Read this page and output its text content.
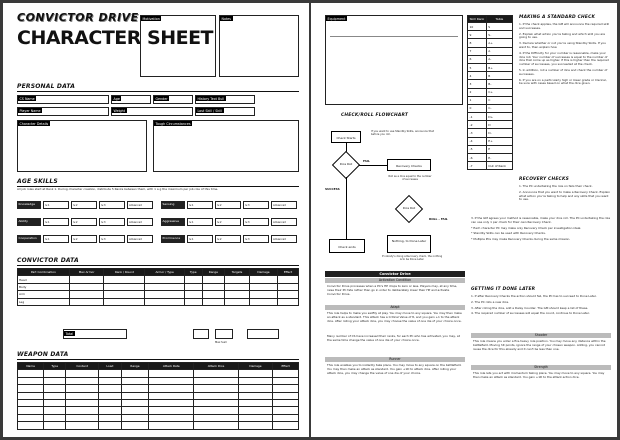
CONVICTOR DRIVE
CHARACTER SHEET
Motivation	Notes
PERSONAL DATA
CS Name	Age	Gender	History Text Bull
Player Name	Weight	Lost Skill / Skill
Character Details	Tough Circumstances
AGE SKILLS
All job roles start at Rank 1. During character creation, distribute 5 Ranks between them, with 1 a g the maximum per job role of this time.
Knowledge	lv.1	lv.2	lv.3	Advanced	Sensing	lv.1	lv.2	lv.3	Advanced
Ability	lv.1	lv.2	lv.3	Advanced	Aggressive	lv.1	lv.2	lv.3	Advanced
Cooperation	lv.1	lv.2	lv.3	Advanced	Prominence	lv.1	lv.2	lv.3	Advanced
CONVICTOR DATA
Part Combination	Max Armor	Rank / Round	Armor / Type	Type	Range	Targets	Damage	Effect
Head								
Body								
Arm								
Leg								
Total
Max Sum
WEAPON DATA
Name	Type	Content	Load	Range	Attack Rate	Attack Dice	Damage	Effect

Equipment
CHECK/ROLL FLOWCHART
Check Starts
If you want to use Standby Skills, announce that before you roll.
Dice Roll
FAIL
Recovery Checks
Roll as a dice equal to the number of successes
SUCCESS
Dice Roll
ROLL – FAIL
Check ends
Nothing, to Done Later
If nobody's doing a Recovery check, the nothing is to be Done Later.
Convictor Drive
Activation Condition
Convictor Drive processes when a PC's HP drops to zero or less. Players may, at any time, raise their PC fate rather than go in order to deliberately lower their HP and activate Convictor Drive.
Adapt
This role helps to make you swiftly at play. You may move to any square. You may then make an attack as a standard. This attack has a Critical Value of 8, and you gain +1 to the attack dice. After rolling your attack dice, you may choose the value of one die of your choice once.
Many number of CS have increased their ranks, for each PC who has activated, you may, at the same time change the value of one die of your choice once.
Runner
This role enables you to instantly take place. You may move to any square on the battlefield. You may then make an attack as standard. You gain +1D to attack dice. After rolling your attack dice, you may change the value of one die of your choice.
Skill Rank	Table
10	S
9	S-
8	A+
7	A
6	A-
5	B+
4	B
3	B-
2	C+
1	C
0	C-
-1	D+
-2	D
-3	D-
-4	E+
-5	E
-6	E-
-7	Out of Rank
MAKING A STANDARD CHECK
1. If the check applies, the GM will announce the required skill and successes.
2. Explain what action you're taking and which skill you are going to use.
3. Declare whether or not you're using Standby Skills. If you want to, then explain how.
4. If the Difficulty for your number is reasonable, make your dice roll. Your number of successes is equal to the number of dice that come up as higher. If this is higher than the required number of successes, you succeeded at the check.
5. In addition, roll a number of dice and check the number of successes.
6. If you are on a particularly high or lower grade or Clerical, be sure with cases based on what the dice given.
RECOVERY CHECKS
1. The PC undertaking the role on fails their check.
2. Announce that you want to make a Recovery Check. Explain what action you're taking to help and any skills that you want to use.
3. If the GM agrees your method is reasonable, make your dice roll. The PC undertaking the role can use only 1 per check for their own Recovery Check.
* Each character PC may make only Recovery Check per investigation ideal.
* Standby Skills can be used with Recovery Checks.
* Multiple PCs may make Recovery Checks during the same mission.
GETTING IT DONE LATER
1. If after Recovery Checks the action should fail, the PC has to succeed to Done Later.
2. The PC rolls a new dice.
3. After rolling the dice, add a Delay Counter. The GM should keep a list of these.
4. The required number of successes will equal the count, continue to Done Later.
Shooter
This role means you enter a fire-heavy role position. You may move any distance within the battlefield. Moving hit points, ignore the range of your chosen weapon. Adding, you cannot reuse the dice for this already and it can't be less than one.
Strength
This role lets you act with momentum taking place. You may move to any square. You may then make an attack as standard. You gain +1D to the attack action dice.
